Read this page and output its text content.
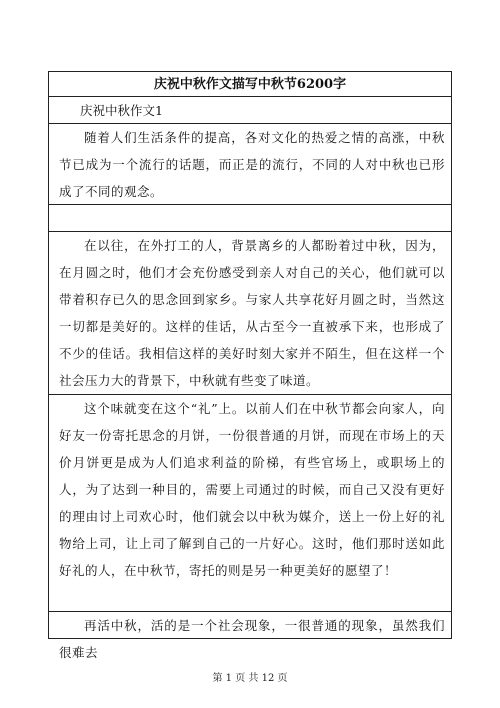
庆祝中秋作文描写中秋节6200字
庆祝中秋作文1
随着人们生活条件的提高，各对文化的热爱之情的高涨，中秋节已成为一个流行的话题，而正是的流行，不同的人对中秋也已形成了不同的观念。
在以往，在外打工的人，背景离乡的人都盼着过中秋，因为，在月圆之时，他们才会充份感受到亲人对自己的关心，他们就可以带着积存已久的思念回到家乡。与家人共享花好月圆之时，当然这一切都是美好的。这样的佳话，从古至今一直被承下来，也形成了不少的佳话。我相信这样的美好时刻大家并不陌生，但在这样一个社会压力大的背景下，中秋就有些变了味道。
这个味就变在这个“礼”上。以前人们在中秋节都会向家人，向好友一份寄托思念的月饼，一份很普通的月饼，而现在市场上的天价月饼更是成为人们追求利益的阶梯，有些官场上，或职场上的人，为了达到一种目的，需要上司通过的时候，而自己又没有更好的理由讨上司欢心时，他们就会以中秋为媒介，送上一份上好的礼物给上司，让上司了解到自己的一片好心。这时，他们那时送如此好礼的人，在中秋节，寄托的则是另一种更美好的愿望了！
再活中秋，活的是一个社会现象，一很普通的现象，虽然我们很难去
第 1 页 共 12 页
